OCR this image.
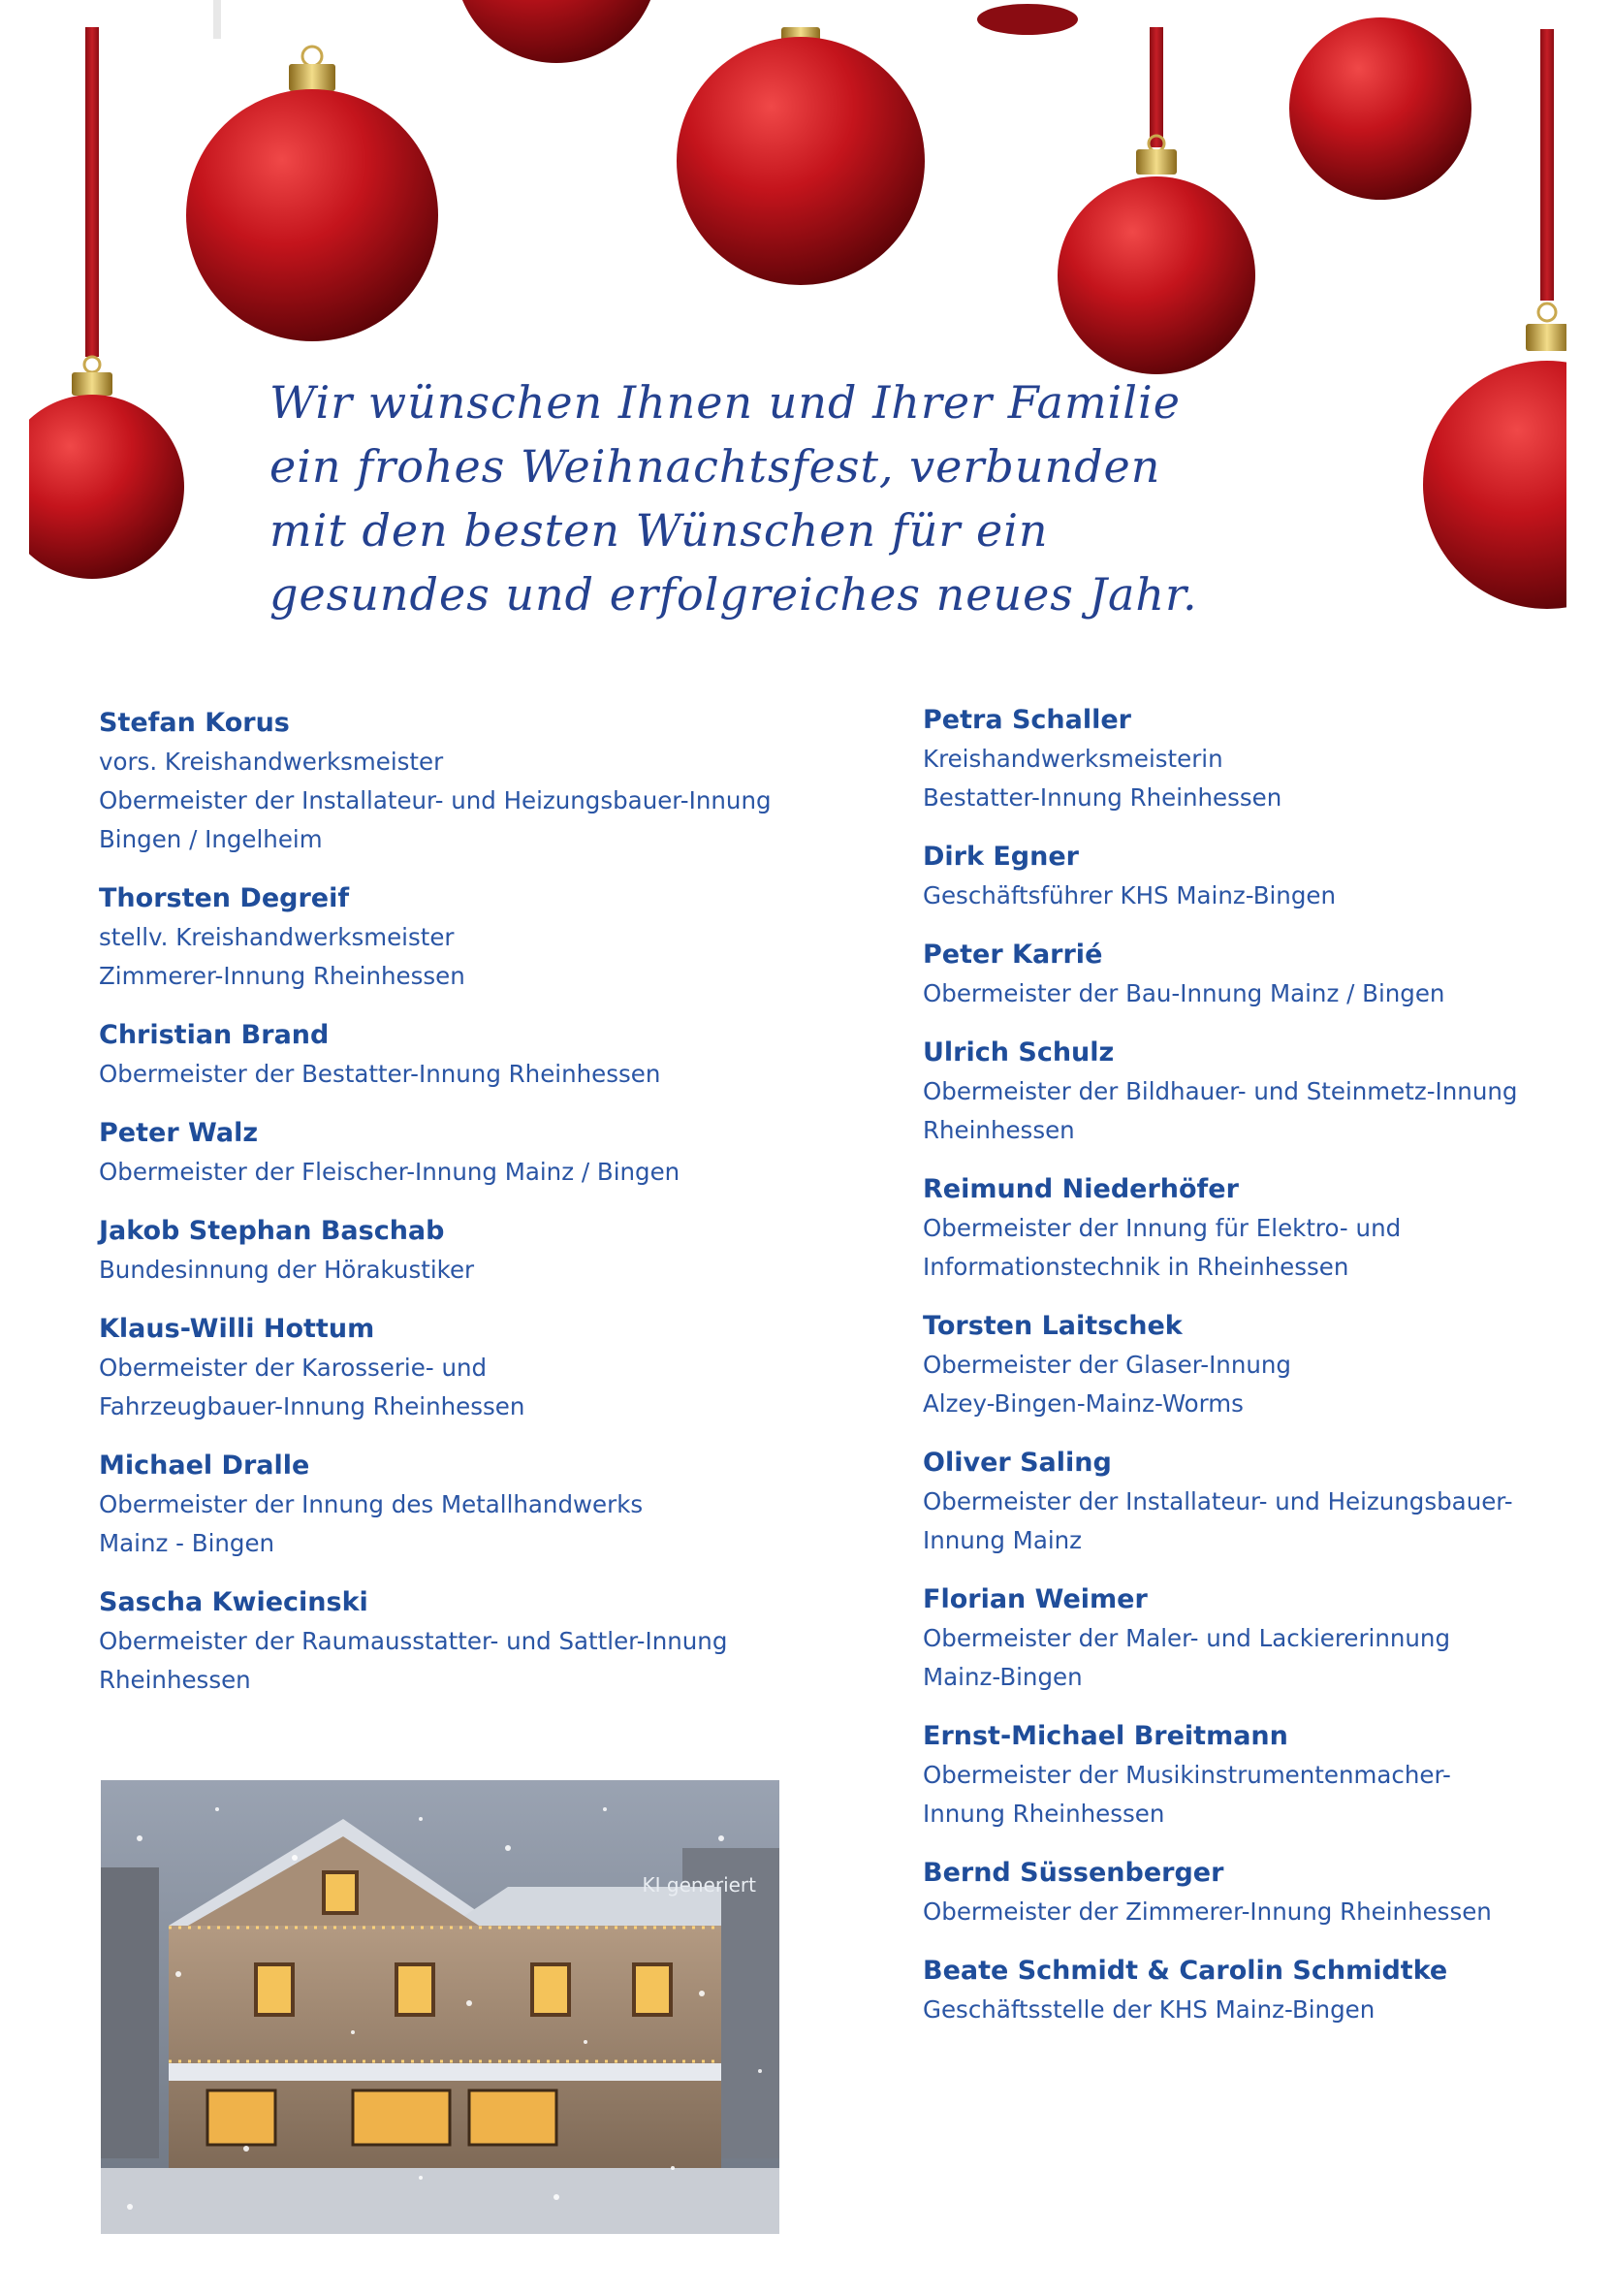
Wir wünschen Ihnen und Ihrer Familie
ein frohes Weihnachtsfest, verbunden
mit den besten Wünschen für ein
gesundes und erfolgreiches neues Jahr.
Stefan Korus
vors. Kreishandwerksmeister
Obermeister der Installateur- und Heizungsbauer-Innung
Bingen / Ingelheim
Thorsten Degreif
stellv. Kreishandwerksmeister
Zimmerer-Innung Rheinhessen
Christian Brand
Obermeister der Bestatter-Innung Rheinhessen
Peter Walz
Obermeister der Fleischer-Innung Mainz / Bingen
Jakob Stephan Baschab
Bundesinnung der Hörakustiker
Klaus-Willi Hottum
Obermeister der Karosserie- und
Fahrzeugbauer-Innung Rheinhessen
Michael Dralle
Obermeister der Innung des Metallhandwerks
Mainz - Bingen
Sascha Kwiecinski
Obermeister der Raumausstatter- und Sattler-Innung
Rheinhessen
Petra Schaller
Kreishandwerksmeisterin
Bestatter-Innung Rheinhessen
Dirk Egner
Geschäftsführer KHS Mainz-Bingen
Peter Karrié
Obermeister der Bau-Innung Mainz / Bingen
Ulrich Schulz
Obermeister der Bildhauer- und Steinmetz-Innung
Rheinhessen
Reimund Niederhöfer
Obermeister der Innung für Elektro- und
Informationstechnik in Rheinhessen
Torsten Laitschek
Obermeister der Glaser-Innung
Alzey-Bingen-Mainz-Worms
Oliver Saling
Obermeister der Installateur- und Heizungsbauer-
Innung Mainz
Florian Weimer
Obermeister der Maler- und Lackiererinnung
Mainz-Bingen
Ernst-Michael Breitmann
Obermeister der Musikinstrumentenmacher-
Innung Rheinhessen
Bernd Süssenberger
Obermeister der Zimmerer-Innung Rheinhessen
Beate Schmidt & Carolin Schmidtke
Geschäftsstelle der KHS Mainz-Bingen
KI generiert
